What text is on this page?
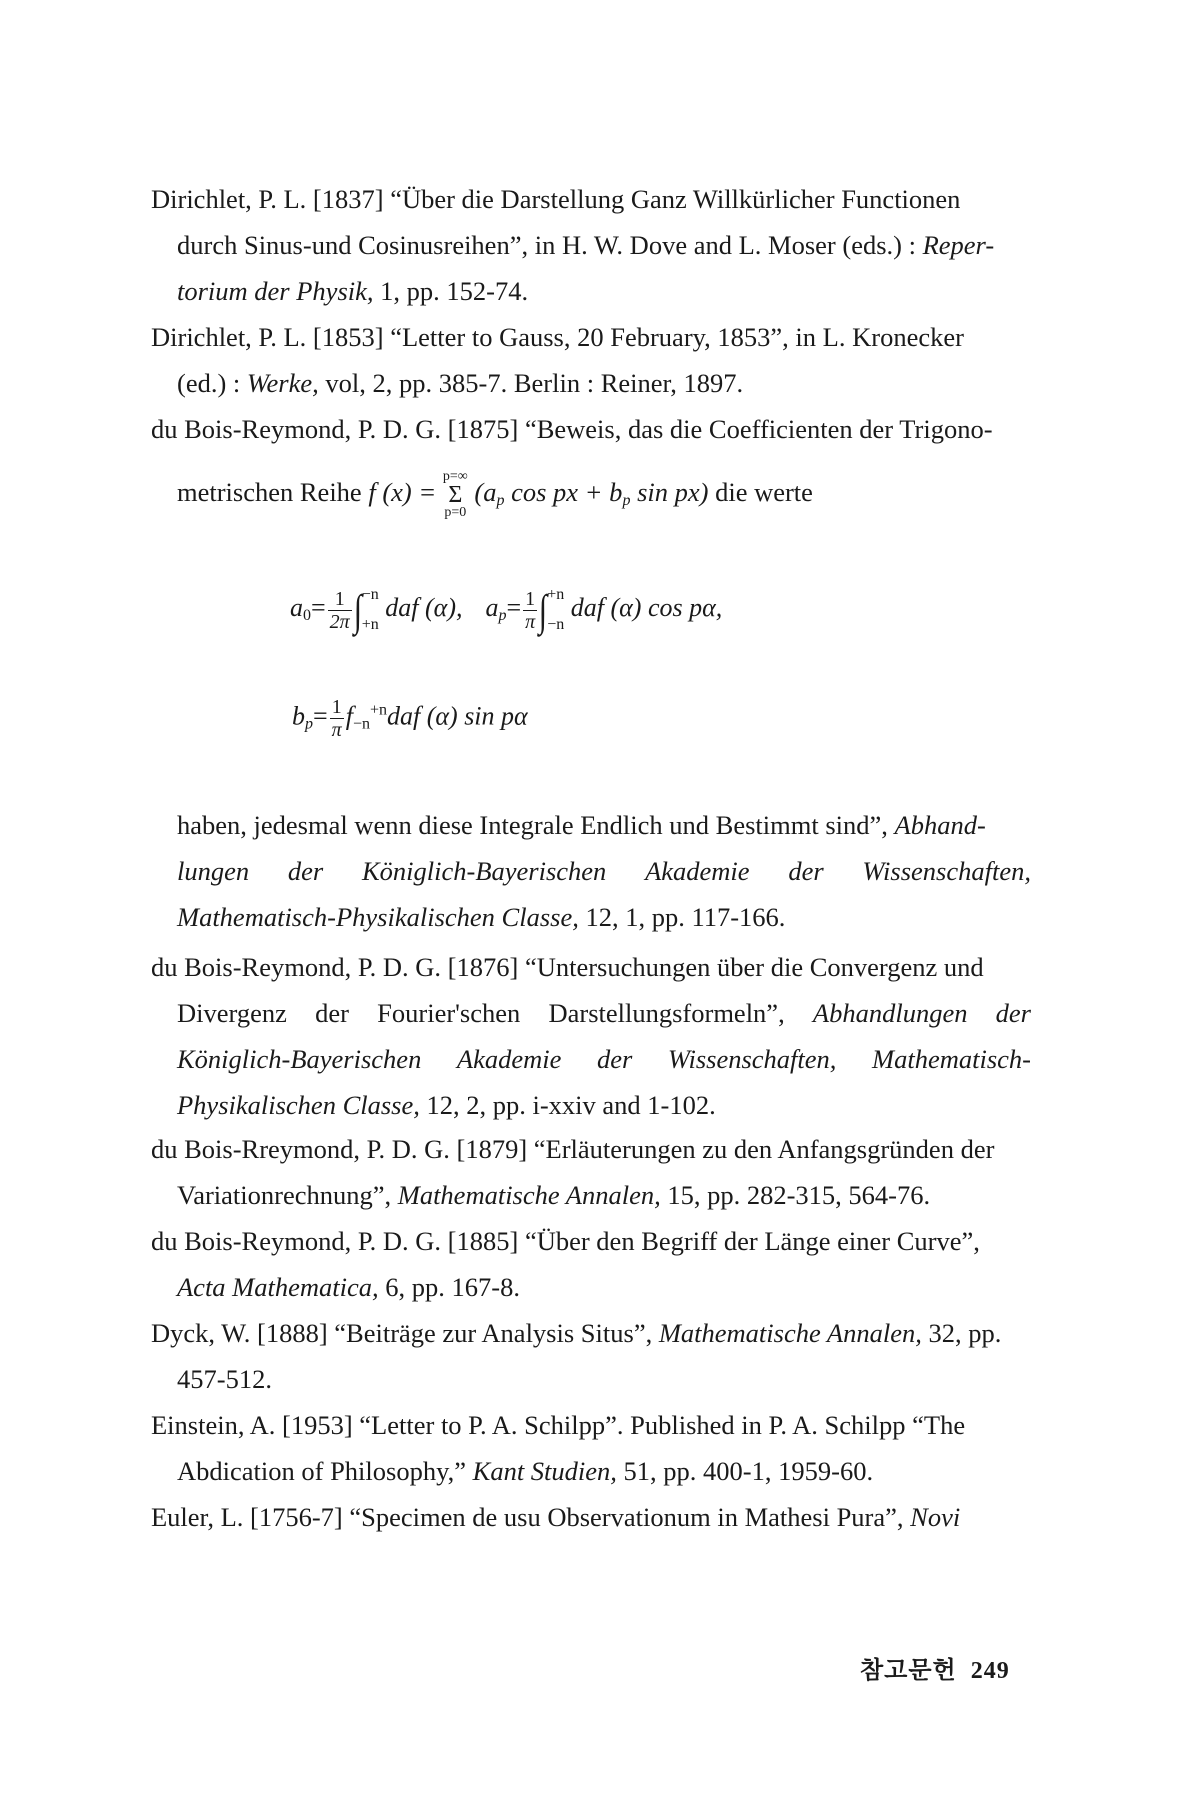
Dirichlet, P. L. [1837] “Über die Darstellung Ganz Willkürlicher Functionen
durch Sinus-und Cosinusreihen”, in H. W. Dove and L. Moser (eds.) : Reper-
torium der Physik, 1, pp. 152-74.
Dirichlet, P. L. [1853] “Letter to Gauss, 20 February, 1853”, in L. Kronecker
(ed.) : Werke, vol, 2, pp. 385-7. Berlin : Reiner, 1897.
du Bois-Reymond, P. D. G. [1875] “Beweis, das die Coefficienten der Trigono-
metrischen Reihe f (x) =
p=∞
Σ
p=0
($a_p$ cos px + $b_p$ sin px) die werte
$a_0= \frac{1}{2\pi}$ ∫ −n
+n
daf (α), $a_p= \frac{1}{\pi}$ ∫ +n
−n
daf (α) cos pα,
$b_p= \frac{1}{\pi} f_{-n}^{+n}daf$ (α) sin pα
haben, jedesmal wenn diese Integrale Endlich und Bestimmt sind”, Abhand-
lungen der Königlich-Bayerischen Akademie der Wissenschaften,
Mathematisch-Physikalischen Classe, 12, 1, pp. 117-166.
du Bois-Reymond, P. D. G. [1876] “Untersuchungen über die Convergenz und
Divergenz der Fourier'schen Darstellungsformeln”, Abhandlungen der
Königlich-Bayerischen Akademie der Wissenschaften, Mathematisch-
Physikalischen Classe, 12, 2, pp. i-xxiv and 1-102.
du Bois-Rreymond, P. D. G. [1879] “Erläuterungen zu den Anfangsgründen der
Variationrechnung”, Mathematische Annalen, 15, pp. 282-315, 564-76.
du Bois-Reymond, P. D. G. [1885] “Über den Begriff der Länge einer Curve”,
Acta Mathematica, 6, pp. 167-8.
Dyck, W. [1888] “Beiträge zur Analysis Situs”, Mathematische Annalen, 32, pp.
457-512.
Einstein, A. [1953] “Letter to P. A. Schilpp”. Published in P. A. Schilpp “The
Abdication of Philosophy,” Kant Studien, 51, pp. 400-1, 1959-60.
Euler, L. [1756-7] “Specimen de usu Observationum in Mathesi Pura”, Novi
참고문헌 249
